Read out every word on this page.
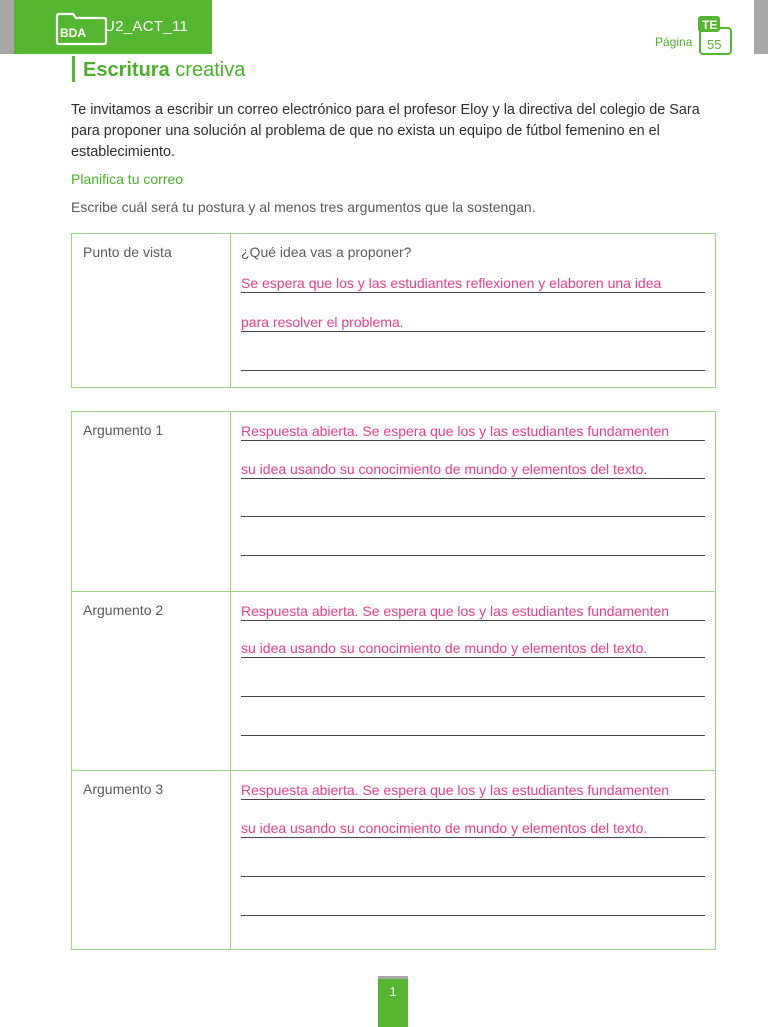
BDA U2_ACT_11
Página
TE
55
Escritura creativa

Te invitamos a escribir un correo electrónico para el profesor Eloy y la directiva del colegio de Sara para proponer una solución al problema de que no exista un equipo de fútbol femenino en el establecimiento.

Planifica tu correo
Escribe cuál será tu postura y al menos tres argumentos que la sostengan.
Punto de vista	¿Qué idea vas a proponer?
Se espera que los y las estudiantes reflexionen y elaboren una idea
para resolver el problema.
Argumento 1	Respuesta abierta. Se espera que los y las estudiantes fundamenten
su idea usando su conocimiento de mundo y elementos del texto.
Argumento 2	Respuesta abierta. Se espera que los y las estudiantes fundamenten
su idea usando su conocimiento de mundo y elementos del texto.
Argumento 3	Respuesta abierta. Se espera que los y las estudiantes fundamenten
su idea usando su conocimiento de mundo y elementos del texto.
1
